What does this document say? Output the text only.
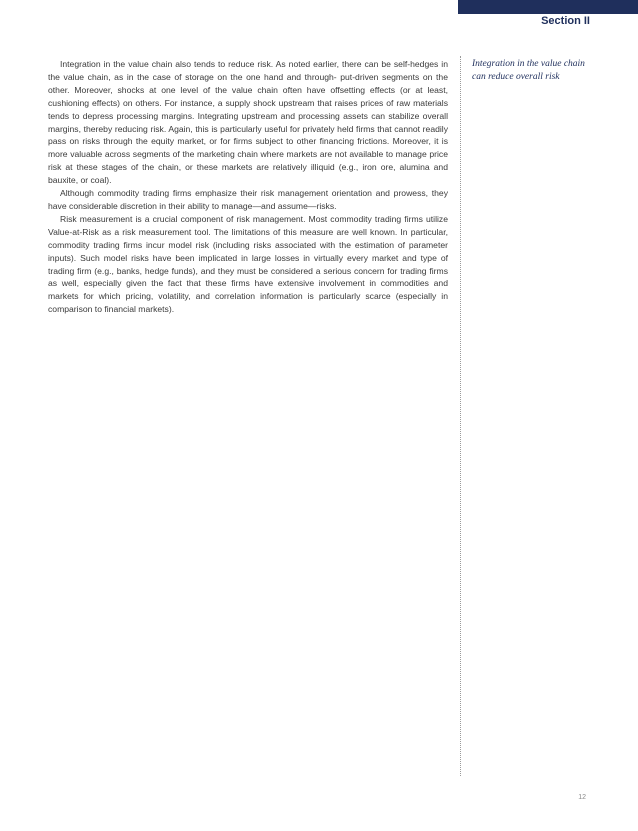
Section II

Integration in the value chain also tends to reduce risk. As noted earlier, there can be self-hedges in the value chain, as in the case of storage on the one hand and through- put-driven segments on the other. Moreover, shocks at one level of the value chain often have offsetting effects (or at least, cushioning effects) on others. For instance, a supply shock upstream that raises prices of raw materials tends to depress processing margins. Integrating upstream and processing assets can stabilize overall margins, thereby reducing risk. Again, this is particularly useful for privately held firms that cannot readily pass on risks through the equity market, or for firms subject to other financing frictions. Moreover, it is more valuable across segments of the marketing chain where markets are not available to manage price risk at these stages of the chain, or these markets are relatively illiquid (e.g., iron ore, alumina and bauxite, or coal).

Although commodity trading firms emphasize their risk management orientation and prowess, they have considerable discretion in their ability to manage—and assume—risks.

Risk measurement is a crucial component of risk management. Most commodity trading firms utilize Value-at-Risk as a risk measurement tool. The limitations of this measure are well known. In particular, commodity trading firms incur model risk (including risks associated with the estimation of parameter inputs). Such model risks have been implicated in large losses in virtually every market and type of trading firm (e.g., banks, hedge funds), and they must be considered a serious concern for trading firms as well, especially given the fact that these firms have extensive involvement in commodities and markets for which pricing, volatility, and correlation information is particularly scarce (especially in comparison to financial markets).

Integration in the value chain can reduce overall risk
12
